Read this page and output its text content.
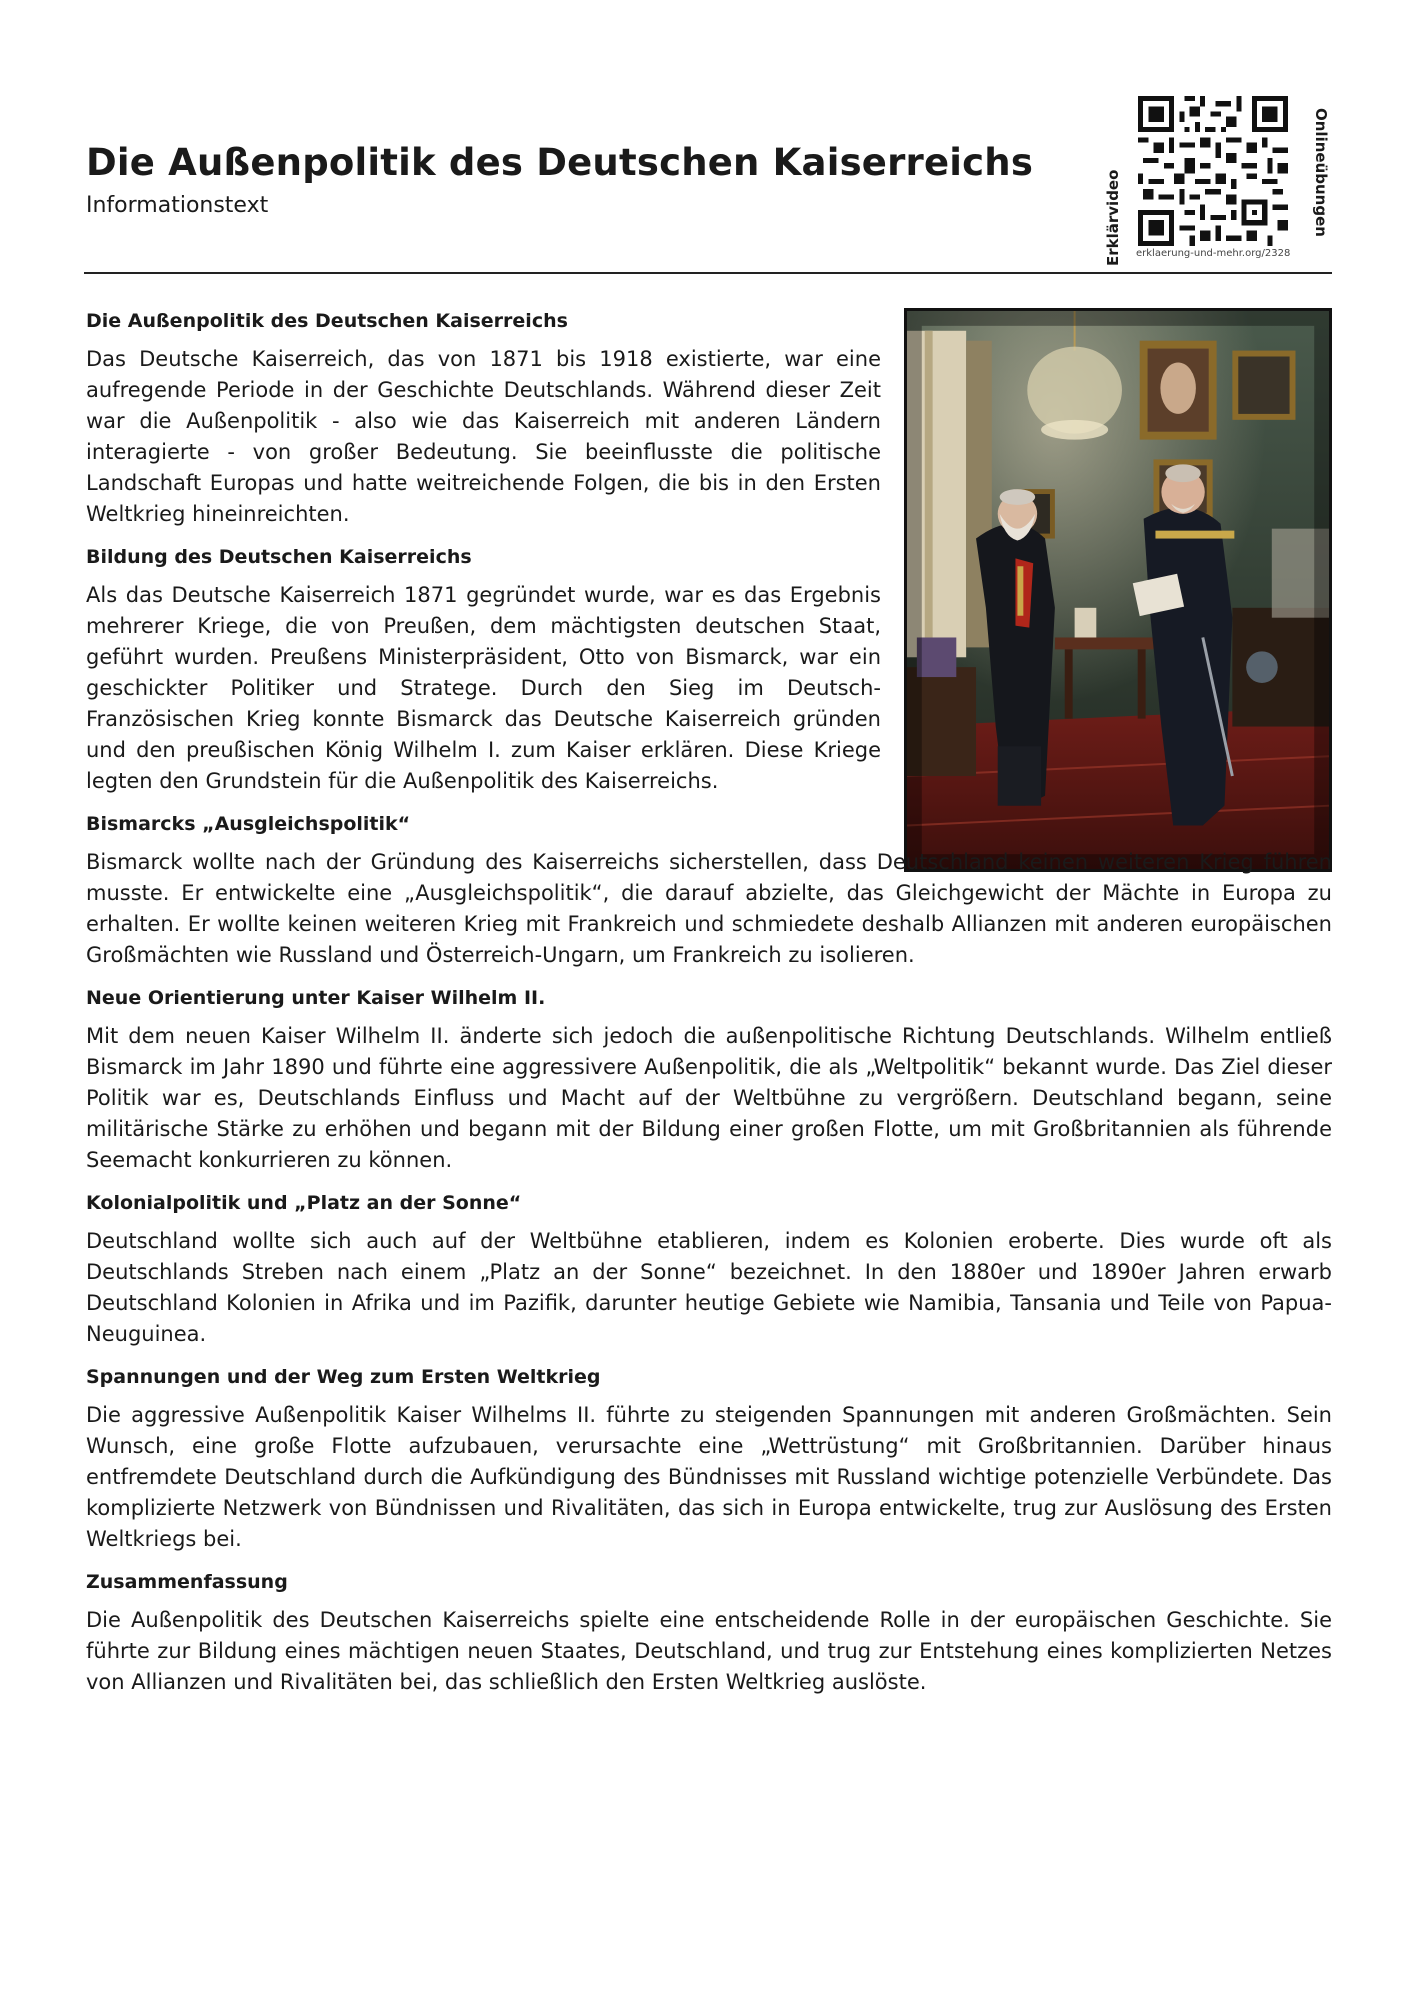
Die Außenpolitik des Deutschen Kaiserreichs

Informationstext	Erklärvideo erklaerung-und-mehr.org/2328
Onlineübungen
Die Außenpolitik des Deutschen Kaiserreichs

Das Deutsche Kaiserreich, das von 1871 bis 1918 existierte, war eine aufregende Periode in der Geschichte Deutschlands. Während dieser Zeit war die Außenpolitik - also wie das Kaiserreich mit anderen Ländern interagierte - von großer Bedeutung. Sie beeinflusste die politische Landschaft Europas und hatte weitreichende Folgen, die bis in den Ersten Weltkrieg hineinreichten.

Bildung des Deutschen Kaiserreichs

Als das Deutsche Kaiserreich 1871 gegründet wurde, war es das Ergebnis mehrerer Kriege, die von Preußen, dem mächtigsten deutschen Staat, geführt wurden. Preußens Ministerpräsident, Otto von Bismarck, war ein geschickter Politiker und Stratege. Durch den Sieg im Deutsch-Französischen Krieg konnte Bismarck das Deutsche Kaiserreich gründen und den preußischen König Wilhelm I. zum Kaiser erklären. Diese Kriege legten den Grundstein für die Außenpolitik des Kaiserreichs.

Bismarcks „Ausgleichspolitik“

Bismarck wollte nach der Gründung des Kaiserreichs sicherstellen, dass Deutschland keinen weiteren Krieg führen musste. Er entwickelte eine „Ausgleichspolitik“, die darauf abzielte, das Gleichgewicht der Mächte in Europa zu erhalten. Er wollte keinen weiteren Krieg mit Frankreich und schmiedete deshalb Allianzen mit anderen europäischen Großmächten wie Russland und Österreich-Ungarn, um Frankreich zu isolieren.

Neue Orientierung unter Kaiser Wilhelm II.

Mit dem neuen Kaiser Wilhelm II. änderte sich jedoch die außenpolitische Richtung Deutschlands. Wilhelm entließ Bismarck im Jahr 1890 und führte eine aggressivere Außenpolitik, die als „Weltpolitik“ bekannt wurde. Das Ziel dieser Politik war es, Deutschlands Einfluss und Macht auf der Weltbühne zu vergrößern. Deutschland begann, seine militärische Stärke zu erhöhen und begann mit der Bildung einer großen Flotte, um mit Großbritannien als führende Seemacht konkurrieren zu können.

Kolonialpolitik und „Platz an der Sonne“

Deutschland wollte sich auch auf der Weltbühne etablieren, indem es Kolonien eroberte. Dies wurde oft als Deutschlands Streben nach einem „Platz an der Sonne“ bezeichnet. In den 1880er und 1890er Jahren erwarb Deutschland Kolonien in Afrika und im Pazifik, darunter heutige Gebiete wie Namibia, Tansania und Teile von Papua-Neuguinea.

Spannungen und der Weg zum Ersten Weltkrieg

Die aggressive Außenpolitik Kaiser Wilhelms II. führte zu steigenden Spannungen mit anderen Großmächten. Sein Wunsch, eine große Flotte aufzubauen, verursachte eine „Wettrüstung“ mit Großbritannien. Darüber hinaus entfremdete Deutschland durch die Aufkündigung des Bündnisses mit Russland wichtige potenzielle Verbündete. Das komplizierte Netzwerk von Bündnissen und Rivalitäten, das sich in Europa entwickelte, trug zur Auslösung des Ersten Weltkriegs bei.

Zusammenfassung

Die Außenpolitik des Deutschen Kaiserreichs spielte eine entscheidende Rolle in der europäischen Geschichte. Sie führte zur Bildung eines mächtigen neuen Staates, Deutschland, und trug zur Entstehung eines komplizierten Netzes von Allianzen und Rivalitäten bei, das schließlich den Ersten Weltkrieg auslöste.
